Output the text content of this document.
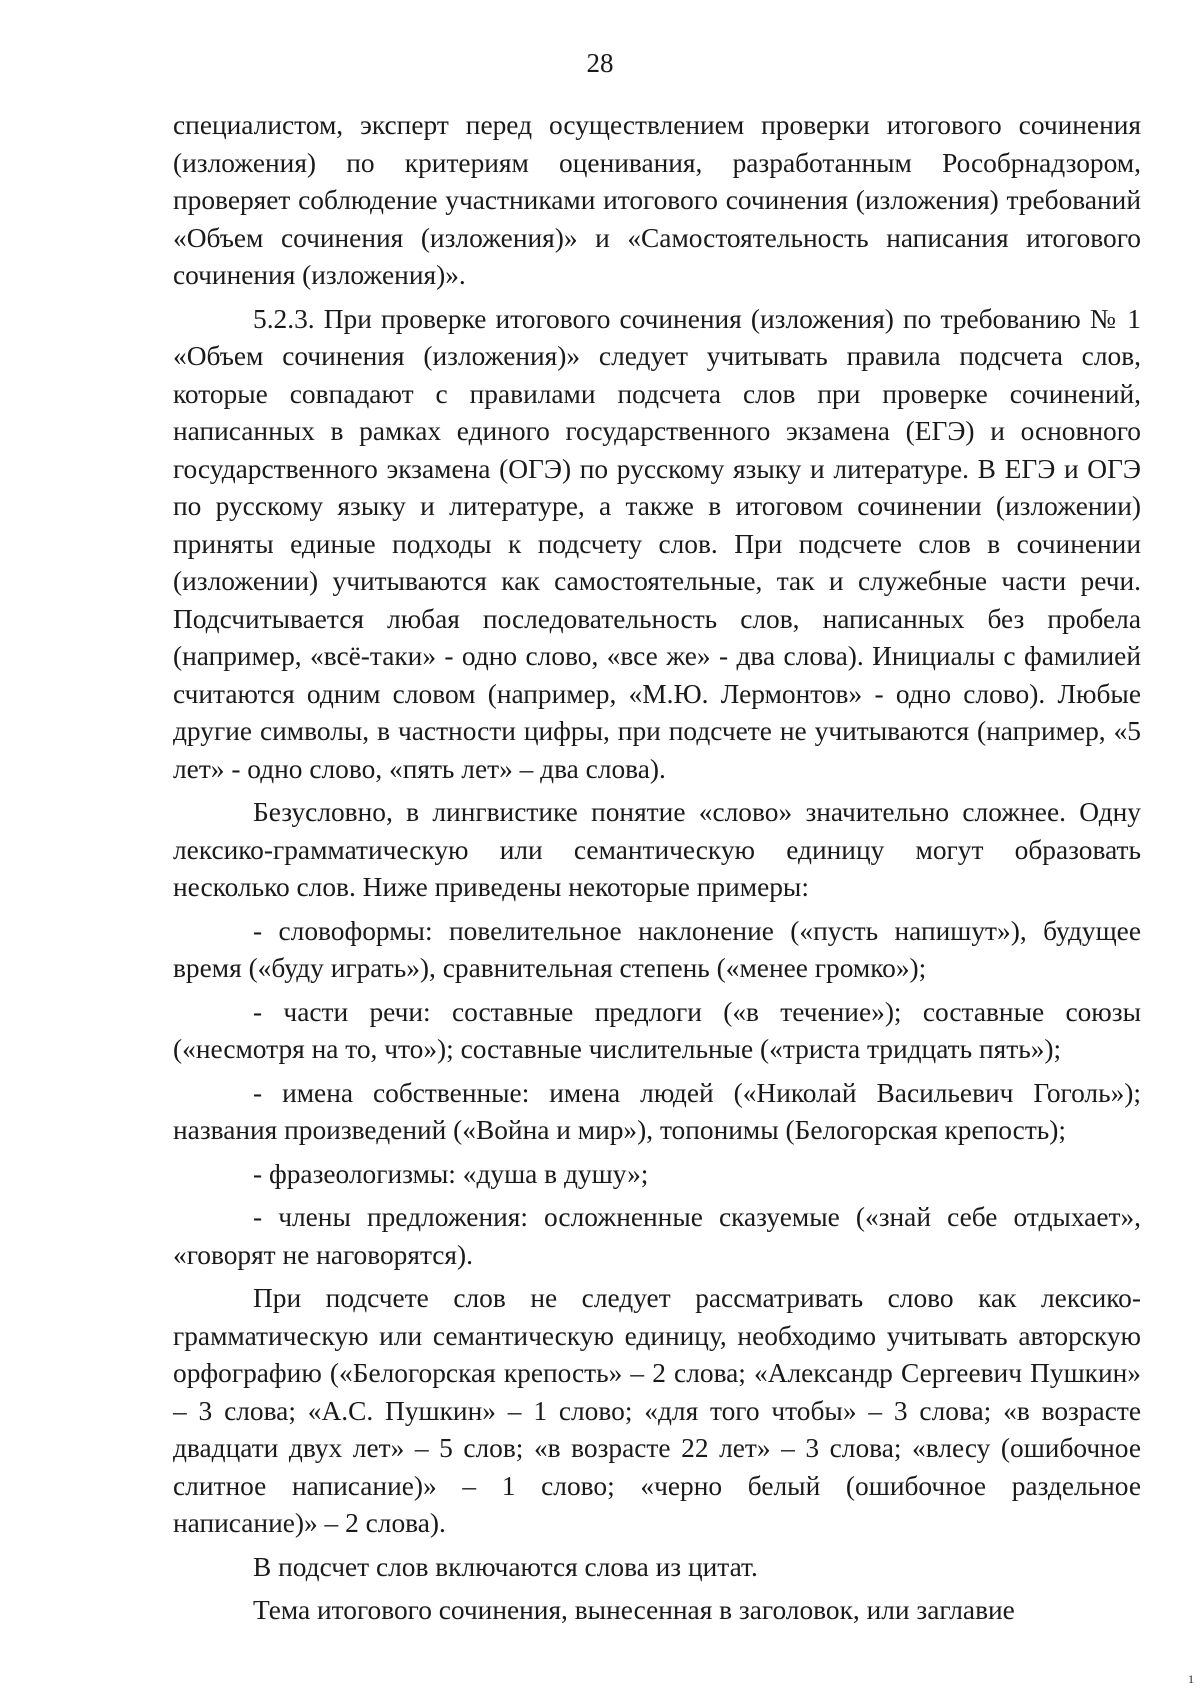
28

специалистом, эксперт перед осуществлением проверки итогового сочинения (изложения) по критериям оценивания, разработанным Рособрнадзором, проверяет соблюдение участниками итогового сочинения (изложения) требований «Объем сочинения (изложения)» и «Самостоятельность написания итогового сочинения (изложения)».

5.2.3. При проверке итогового сочинения (изложения) по требованию № 1 «Объем сочинения (изложения)» следует учитывать правила подсчета слов, которые совпадают с правилами подсчета слов при проверке сочинений, написанных в рамках единого государственного экзамена (ЕГЭ) и основного государственного экзамена (ОГЭ) по русскому языку и литературе. В ЕГЭ и ОГЭ по русскому языку и литературе, а также в итоговом сочинении (изложении) приняты единые подходы к подсчету слов. При подсчете слов в сочинении (изложении) учитываются как самостоятельные, так и служебные части речи. Подсчитывается любая последовательность слов, написанных без пробела (например, «всё-таки» - одно слово, «все же» - два слова). Инициалы с фамилией считаются одним словом (например, «М.Ю. Лермонтов» - одно слово). Любые другие символы, в частности цифры, при подсчете не учитываются (например, «5 лет» - одно слово, «пять лет» – два слова).

Безусловно, в лингвистике понятие «слово» значительно сложнее. Одну лексико-грамматическую или семантическую единицу могут образовать несколько слов. Ниже приведены некоторые примеры:

- словоформы: повелительное наклонение («пусть напишут»), будущее время («буду играть»), сравнительная степень («менее громко»);

- части речи: составные предлоги («в течение»); составные союзы («несмотря на то, что»); составные числительные («триста тридцать пять»);

- имена собственные: имена людей («Николай Васильевич Гоголь»); названия произведений («Война и мир»), топонимы (Белогорская крепость);

- фразеологизмы: «душа в душу»;

- члены предложения: осложненные сказуемые («знай себе отдыхает», «говорят не наговорятся).

При подсчете слов не следует рассматривать слово как лексико-грамматическую или семантическую единицу, необходимо учитывать авторскую орфографию («Белогорская крепость» – 2 слова; «Александр Сергеевич Пушкин» – 3 слова; «А.С. Пушкин» – 1 слово; «для того чтобы» – 3 слова; «в возрасте двадцати двух лет» – 5 слов; «в возрасте 22 лет» – 3 слова; «влесу (ошибочное слитное написание)» – 1 слово; «черно белый (ошибочное раздельное написание)» – 2 слова).

В подсчет слов включаются слова из цитат.

Тема итогового сочинения, вынесенная в заголовок, или заглавие

1
